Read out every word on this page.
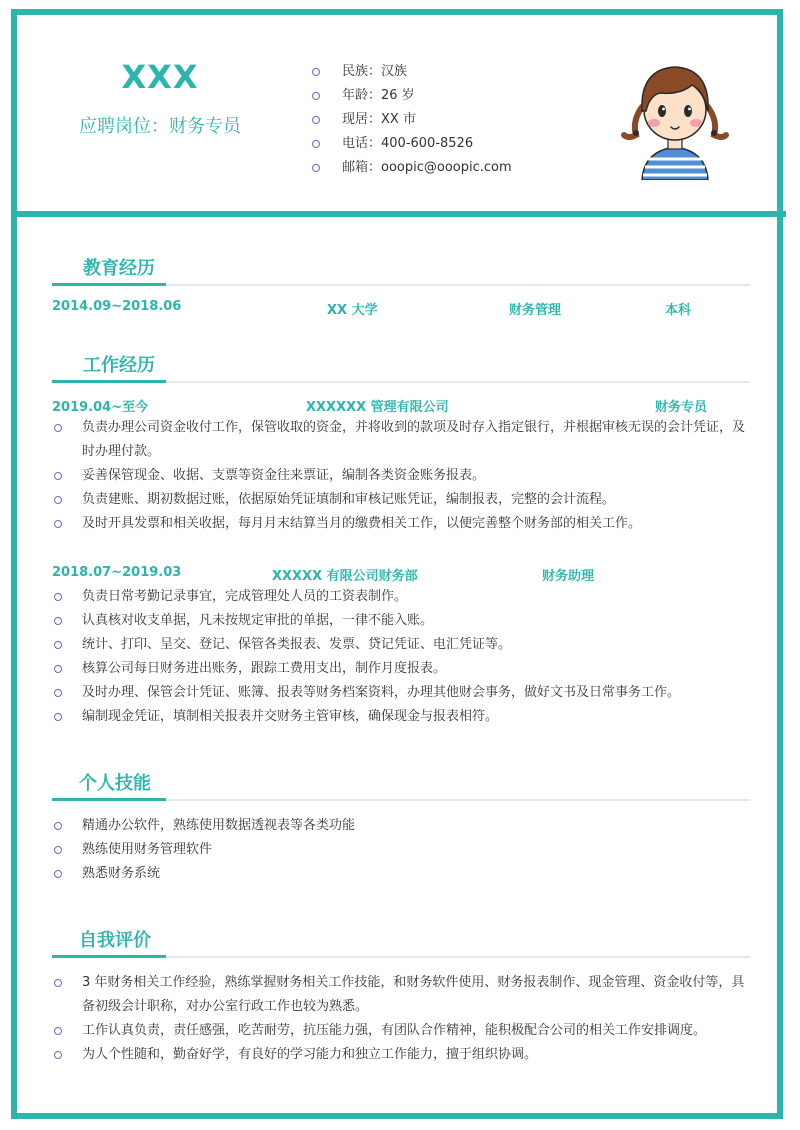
XXX
应聘岗位：财务专员
民族：汉族
年龄：26 岁
现居：XX 市
电话：400-600-8526
邮箱：ooopic@ooopic.com
教育经历
2014.09~2018.06	XX 大学	财务管理	本科
工作经历
2019.04~至今	XXXXXX 管理有限公司	财务专员
负责办理公司资金收付工作，保管收取的资金，并将收到的款项及时存入指定银行，并根据审核无误的会计凭证，及时办理付款。
妥善保管现金、收据、支票等资金往来票证，编制各类资金账务报表。
负责建账、期初数据过账，依据原始凭证填制和审核记账凭证，编制报表，完整的会计流程。
及时开具发票和相关收据，每月月末结算当月的缴费相关工作，以便完善整个财务部的相关工作。
2018.07~2019.03	XXXXX 有限公司财务部	财务助理
负责日常考勤记录事宜，完成管理处人员的工资表制作。
认真核对收支单据，凡未按规定审批的单据，一律不能入账。
统计、打印、呈交、登记、保管各类报表、发票、贷记凭证、电汇凭证等。
核算公司每日财务进出账务，跟踪工费用支出，制作月度报表。
及时办理、保管会计凭证、账簿、报表等财务档案资料，办理其他财会事务，做好文书及日常事务工作。
编制现金凭证，填制相关报表并交财务主管审核，确保现金与报表相符。
个人技能
精通办公软件，熟练使用数据透视表等各类功能
熟练使用财务管理软件
熟悉财务系统
自我评价
3 年财务相关工作经验，熟练掌握财务相关工作技能，和财务软件使用、财务报表制作、现金管理、资金收付等，具备初级会计职称，对办公室行政工作也较为熟悉。
工作认真负责，责任感强，吃苦耐劳，抗压能力强，有团队合作精神，能积极配合公司的相关工作安排调度。
为人个性随和，勤奋好学，有良好的学习能力和独立工作能力，擅于组织协调。
